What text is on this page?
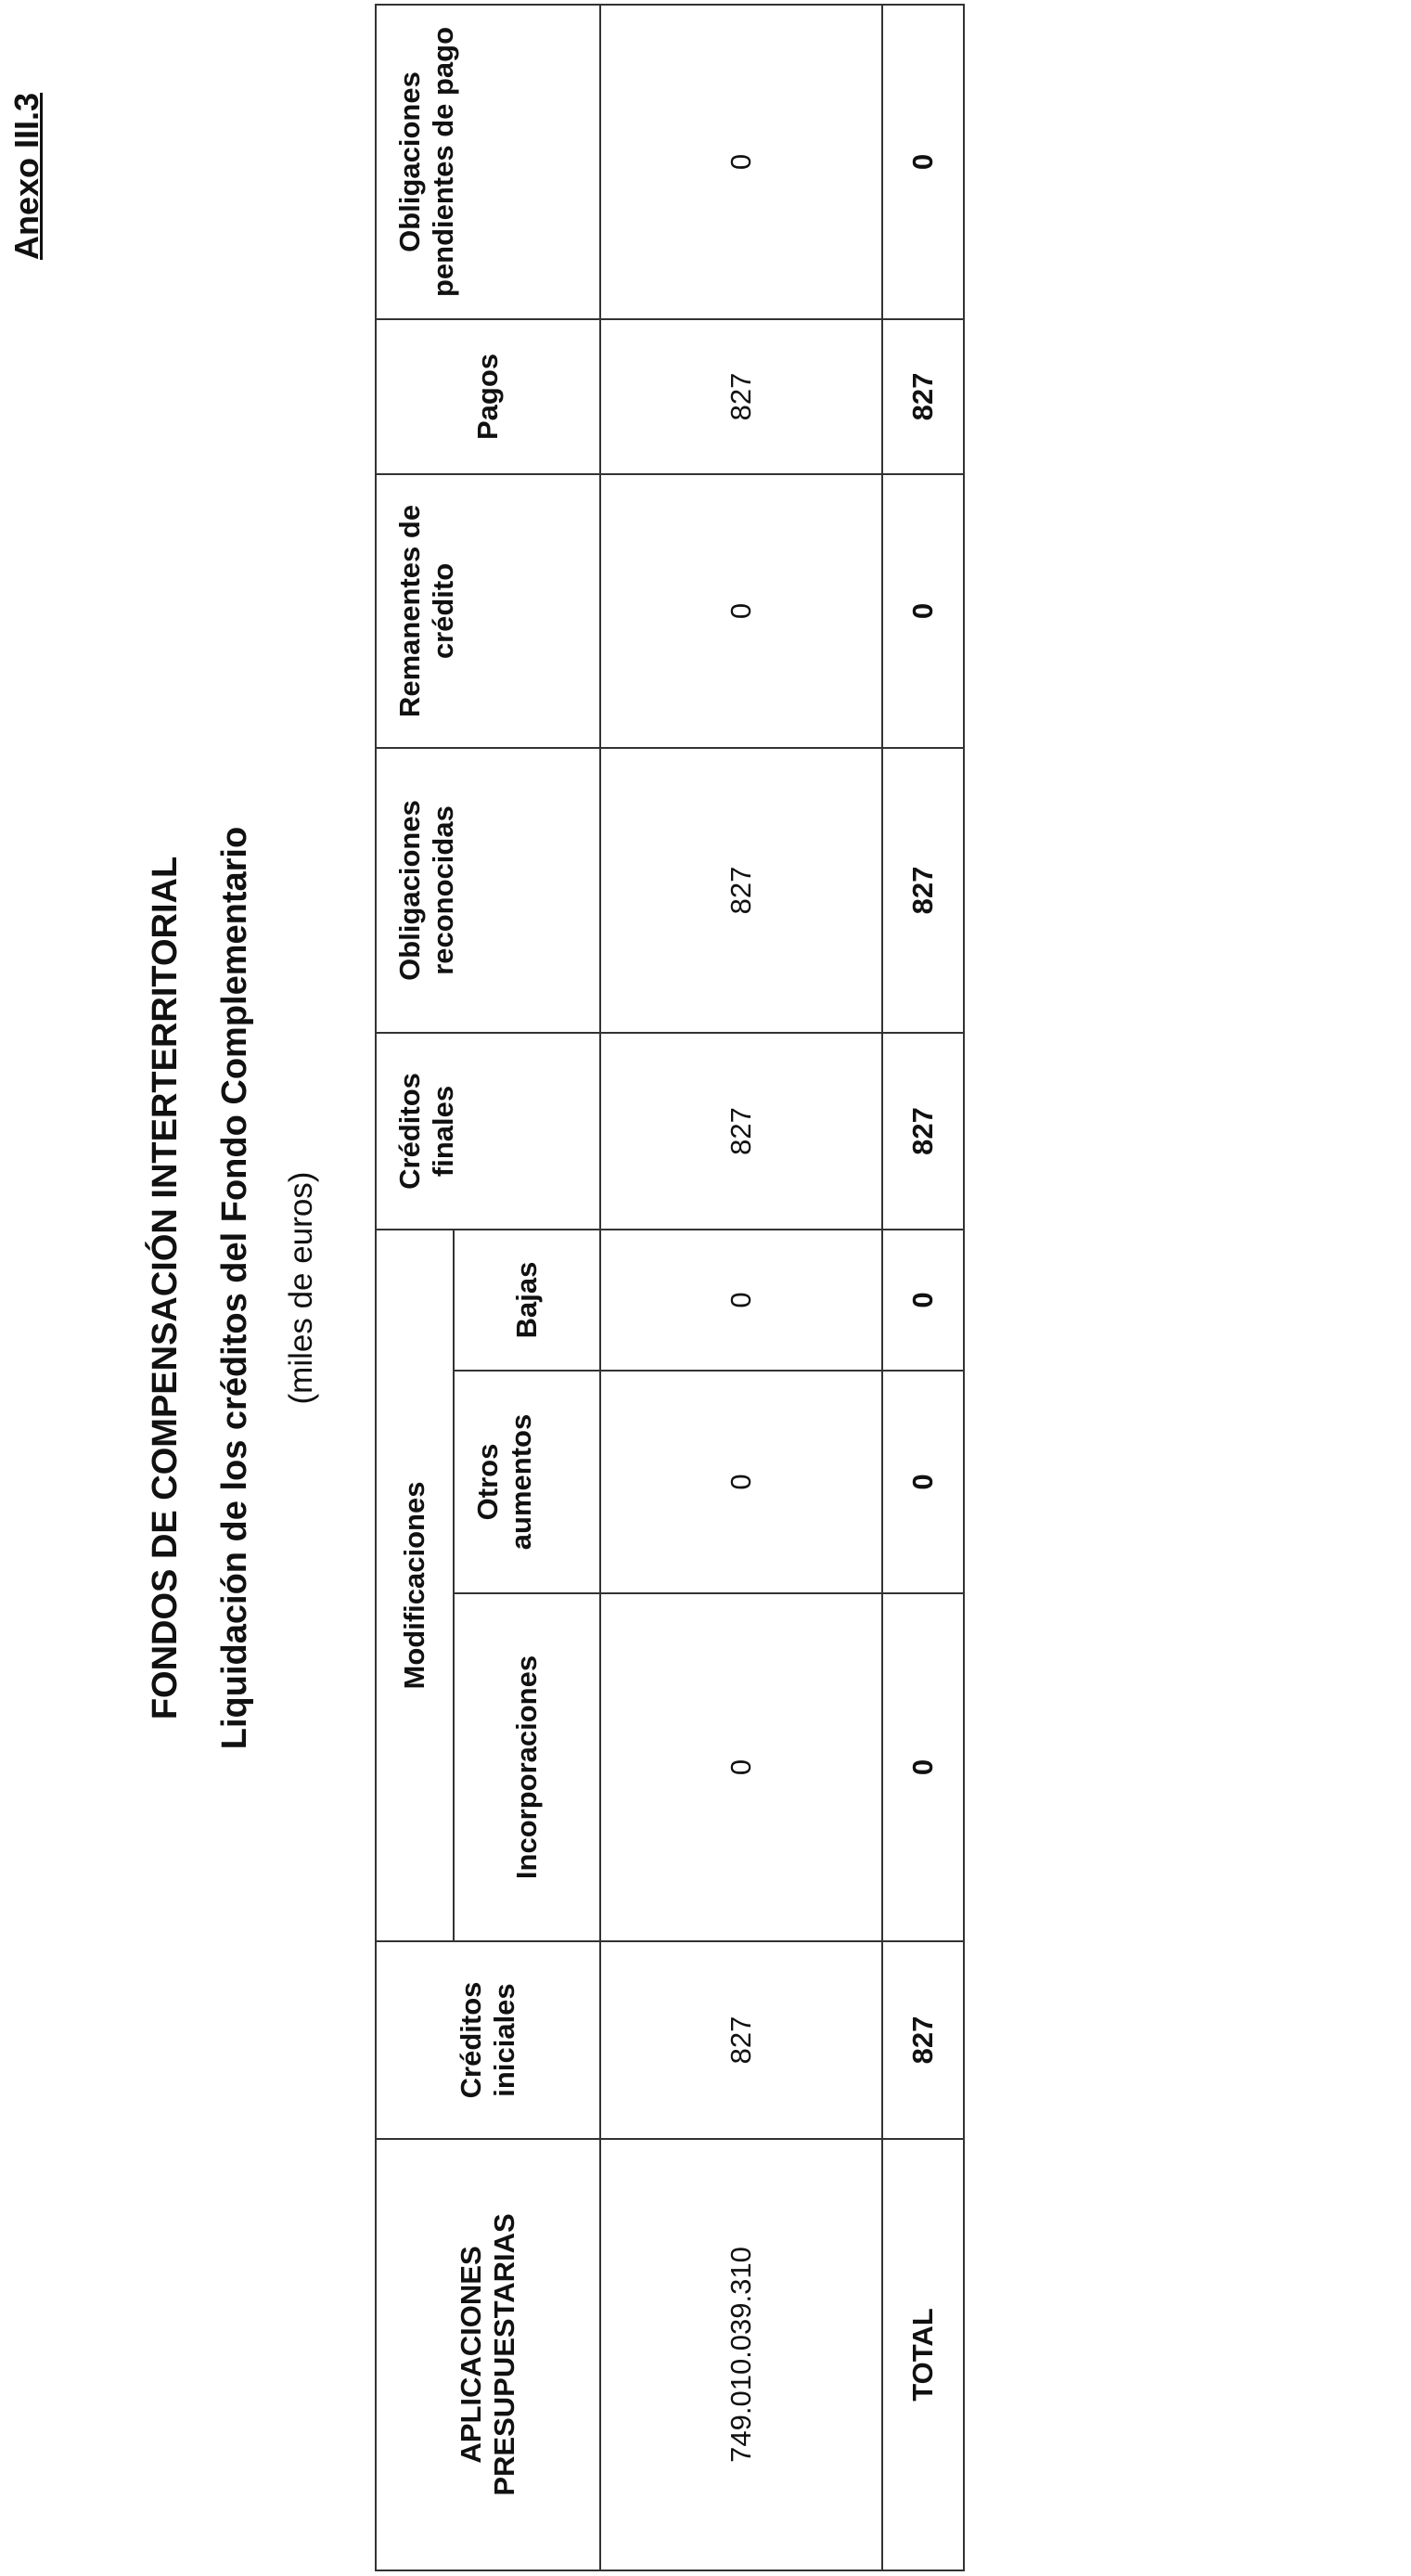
Anexo III.3
FONDOS DE COMPENSACIÓN INTERTERRITORIAL Liquidación de los créditos del Fondo Complementario (miles de euros)
APLICACIONES PRESUPUESTARIAS	Créditos iniciales	Modificaciones			Créditos finales	Obligaciones reconocidas	Remanentes de crédito	Pagos	Obligaciones pendientes de pago
		Incorporaciones	Otros aumentos	Bajas					
749.010.039.310	827	0	0	0	827	827	0	827	0
TOTAL	827	0	0	0	827	827	0	827	0
